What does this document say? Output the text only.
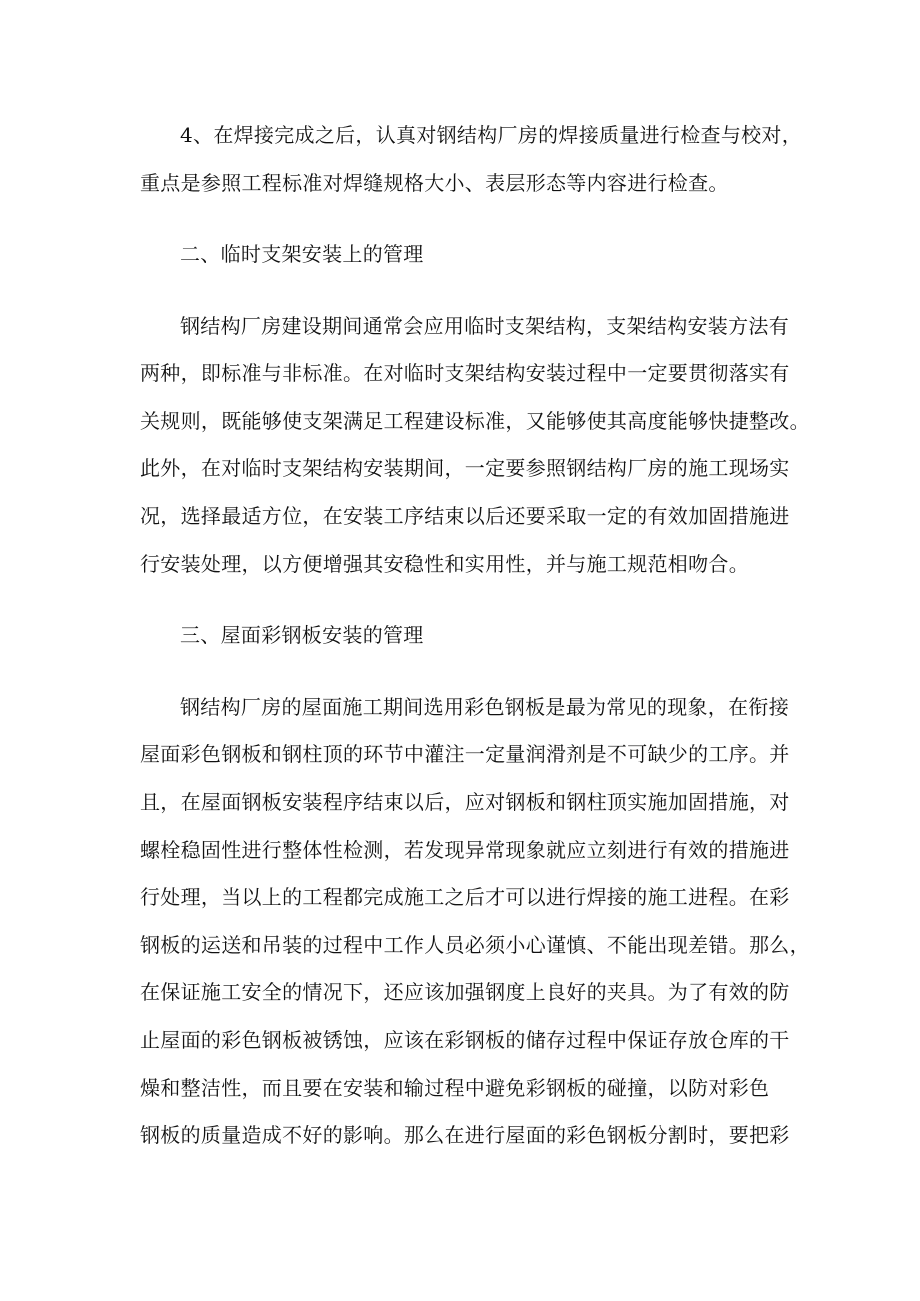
4、在焊接完成之后，认真对钢结构厂房的焊接质量进行检查与校对，
重点是参照工程标准对焊缝规格大小、表层形态等内容进行检查。
二、临时支架安装上的管理
钢结构厂房建设期间通常会应用临时支架结构，支架结构安装方法有
两种，即标准与非标准。在对临时支架结构安装过程中一定要贯彻落实有
关规则，既能够使支架满足工程建设标准，又能够使其高度能够快捷整改。
此外，在对临时支架结构安装期间，一定要参照钢结构厂房的施工现场实
况，选择最适方位，在安装工序结束以后还要采取一定的有效加固措施进
行安装处理，以方便增强其安稳性和实用性，并与施工规范相吻合。
三、屋面彩钢板安装的管理
钢结构厂房的屋面施工期间选用彩色钢板是最为常见的现象，在衔接
屋面彩色钢板和钢柱顶的环节中灌注一定量润滑剂是不可缺少的工序。并
且，在屋面钢板安装程序结束以后，应对钢板和钢柱顶实施加固措施，对
螺栓稳固性进行整体性检测，若发现异常现象就应立刻进行有效的措施进
行处理，当以上的工程都完成施工之后才可以进行焊接的施工进程。在彩
钢板的运送和吊装的过程中工作人员必须小心谨慎、不能出现差错。那么，
在保证施工安全的情况下，还应该加强钢度上良好的夹具。为了有效的防
止屋面的彩色钢板被锈蚀，应该在彩钢板的储存过程中保证存放仓库的干
燥和整洁性，而且要在安装和输过程中避免彩钢板的碰撞，以防对彩色
钢板的质量造成不好的影响。那么在进行屋面的彩色钢板分割时，要把彩
